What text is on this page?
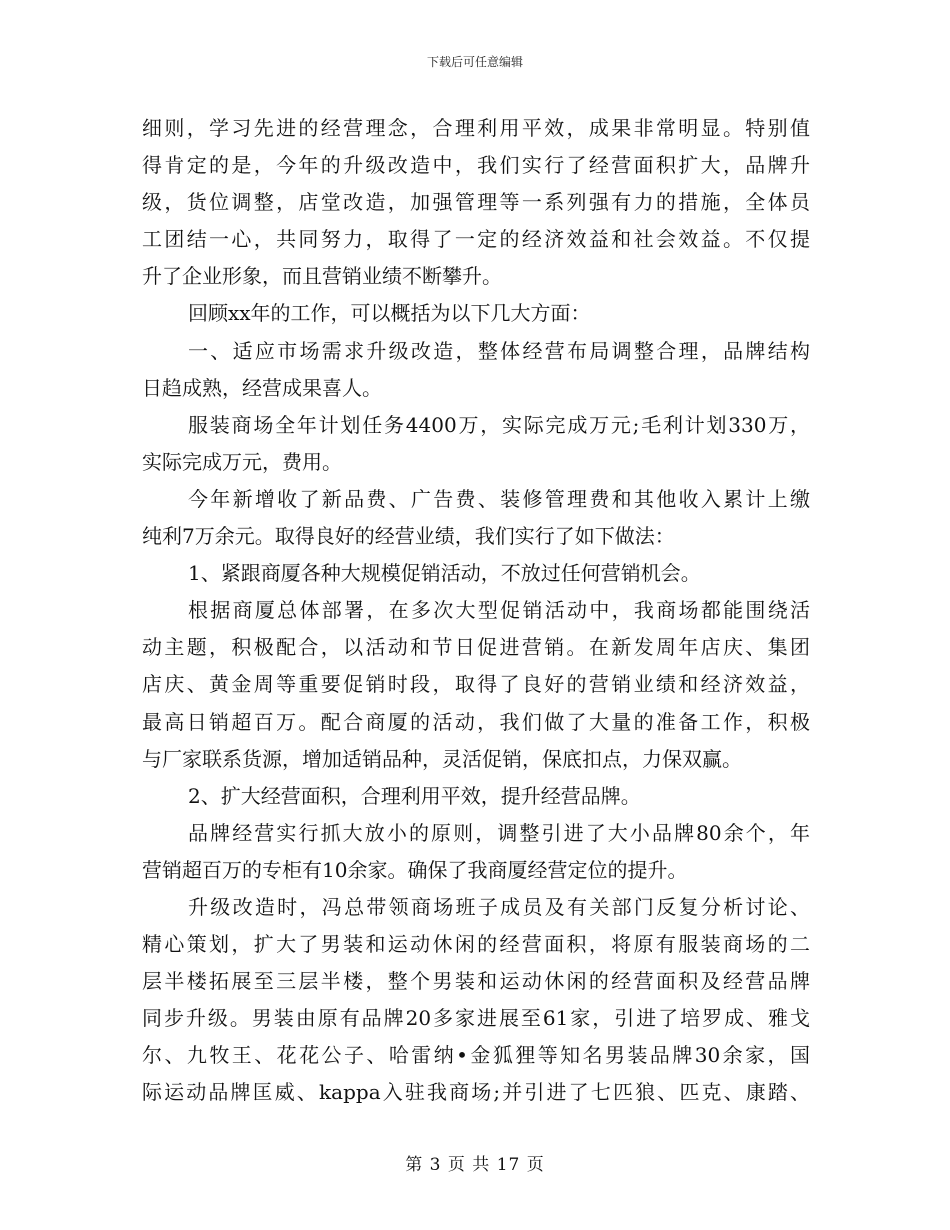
下载后可任意编辑
细则，学习先进的经营理念，合理利用平效，成果非常明显。特别值
得肯定的是，今年的升级改造中，我们实行了经营面积扩大，品牌升
级，货位调整，店堂改造，加强管理等一系列强有力的措施，全体员
工团结一心，共同努力，取得了一定的经济效益和社会效益。不仅提
升了企业形象，而且营销业绩不断攀升。
回顾xx年的工作，可以概括为以下几大方面：
一、适应市场需求升级改造，整体经营布局调整合理，品牌结构
日趋成熟，经营成果喜人。
服装商场全年计划任务4400万，实际完成万元;毛利计划330万，
实际完成万元，费用。
今年新增收了新品费、广告费、装修管理费和其他收入累计上缴
纯利7万余元。取得良好的经营业绩，我们实行了如下做法：
1、紧跟商厦各种大规模促销活动，不放过任何营销机会。
根据商厦总体部署，在多次大型促销活动中，我商场都能围绕活
动主题，积极配合，以活动和节日促进营销。在新发周年店庆、集团
店庆、黄金周等重要促销时段，取得了良好的营销业绩和经济效益，
最高日销超百万。配合商厦的活动，我们做了大量的准备工作，积极
与厂家联系货源，增加适销品种，灵活促销，保底扣点，力保双赢。
2、扩大经营面积，合理利用平效，提升经营品牌。
品牌经营实行抓大放小的原则，调整引进了大小品牌80余个，年
营销超百万的专柜有10余家。确保了我商厦经营定位的提升。
升级改造时，冯总带领商场班子成员及有关部门反复分析讨论、
精心策划，扩大了男装和运动休闲的经营面积，将原有服装商场的二
层半楼拓展至三层半楼，整个男装和运动休闲的经营面积及经营品牌
同步升级。男装由原有品牌20多家进展至61家，引进了培罗成、雅戈
尔、九牧王、花花公子、哈雷纳•金狐狸等知名男装品牌30余家，国
际运动品牌匡威、kappa入驻我商场;并引进了七匹狼、匹克、康踏、
第 3 页 共 17 页
